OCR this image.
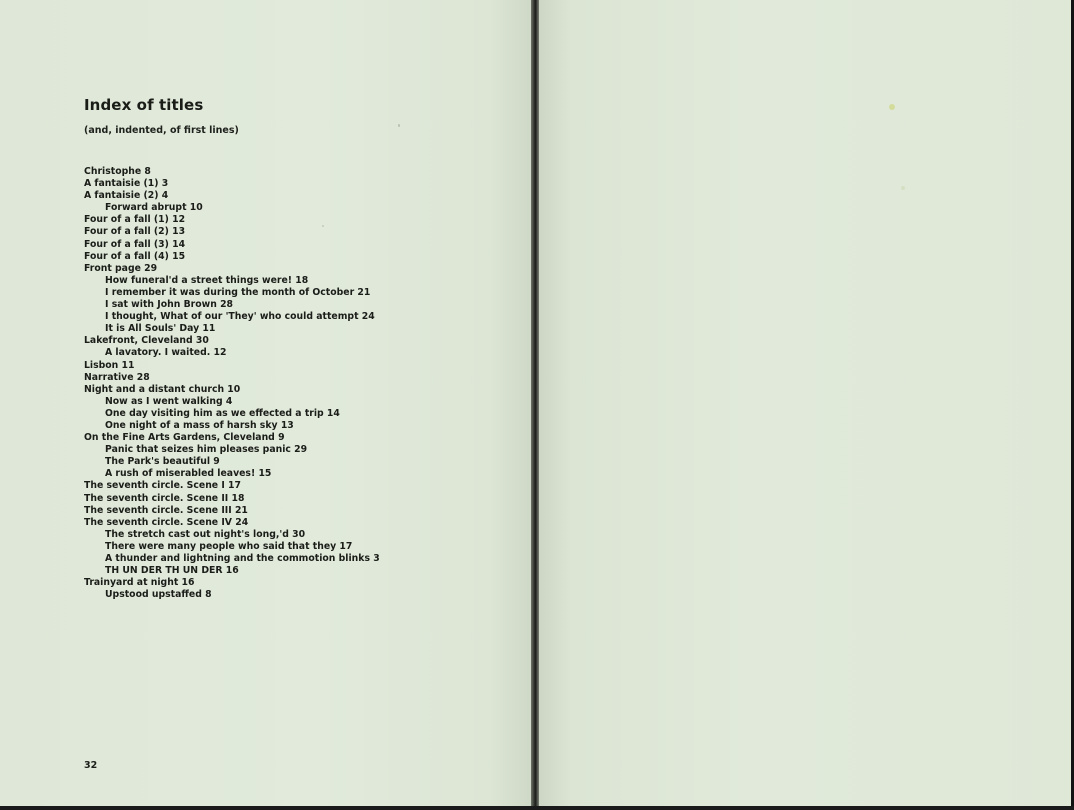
Index of titles

(and, indented, of first lines)

Christophe 8
A fantaisie (1) 3
A fantaisie (2) 4
Forward abrupt 10
Four of a fall (1) 12
Four of a fall (2) 13
Four of a fall (3) 14
Four of a fall (4) 15
Front page 29
How funeral'd a street things were! 18
I remember it was during the month of October 21
I sat with John Brown 28
I thought, What of our 'They' who could attempt 24
It is All Souls' Day 11
Lakefront, Cleveland 30
A lavatory. I waited. 12
Lisbon 11
Narrative 28
Night and a distant church 10
Now as I went walking 4
One day visiting him as we effected a trip 14
One night of a mass of harsh sky 13
On the Fine Arts Gardens, Cleveland 9
Panic that seizes him pleases panic 29
The Park's beautiful 9
A rush of miserabled leaves! 15
The seventh circle. Scene I 17
The seventh circle. Scene II 18
The seventh circle. Scene III 21
The seventh circle. Scene IV 24
The stretch cast out night's long,'d 30
There were many people who said that they 17
A thunder and lightning and the commotion blinks 3
TH UN DER TH UN DER 16
Trainyard at night 16
Upstood upstaffed 8

32
